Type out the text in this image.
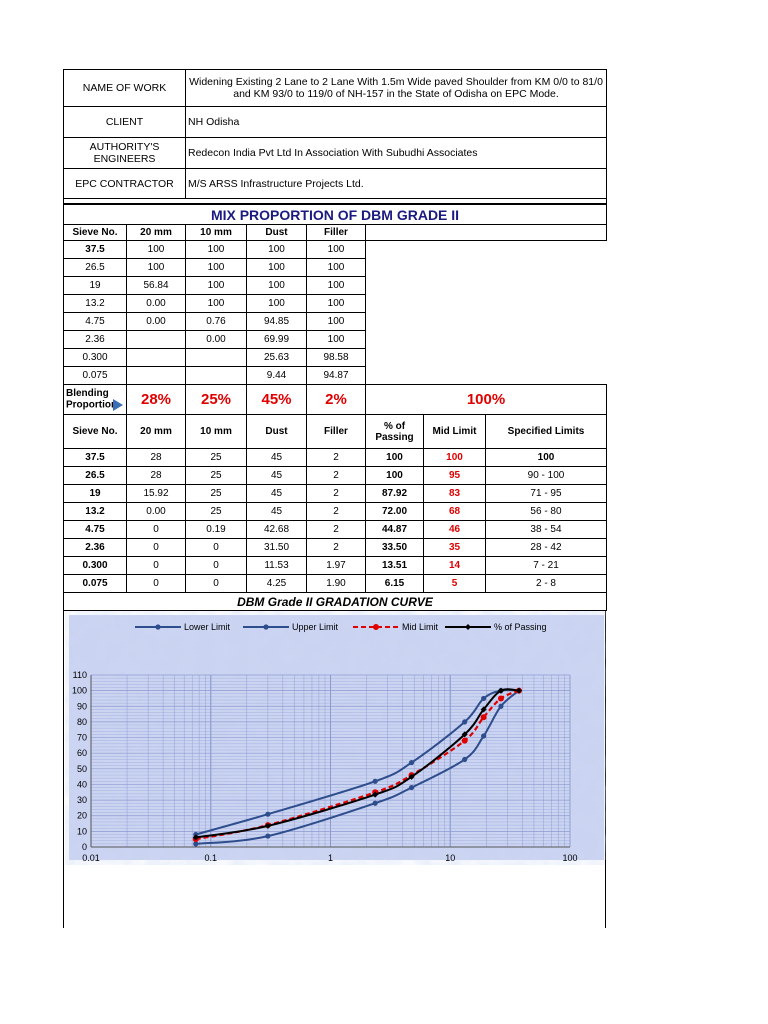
NAME OF WORK	Widening Existing 2 Lane to 2 Lane With 1.5m Wide paved Shoulder from KM 0/0 to 81/0 and KM 93/0 to 119/0 of NH-157 in the State of Odisha on EPC Mode.
CLIENT	NH Odisha
AUTHORITY'S ENGINEERS	Redecon India Pvt Ltd In Association With Subudhi Associates
EPC CONTRACTOR	M/S ARSS Infrastructure Projects Ltd.

MIX PROPORTION OF DBM GRADE II							
Sieve No.	20 mm	10 mm	Dust	Filler			
37.5	100	100	100	100			
26.5	100	100	100	100			
19	56.84	100	100	100			
13.2	0.00	100	100	100			
4.75	0.00	0.76	94.85	100			
2.36		0.00	69.99	100			
0.300			25.63	98.58			
0.075			9.44	94.87			
Blending Proportion	28%	25%	45%	2%	100%		
Sieve No.	20 mm	10 mm	Dust	Filler	% of Passing	Mid Limit	Specified Limits
37.5	28	25	45	2	100	100	100
26.5	28	25	45	2	100	95	90 - 100
19	15.92	25	45	2	87.92	83	71 - 95
13.2	0.00	25	45	2	72.00	68	56 - 80
4.75	0	0.19	42.68	2	44.87	46	38 - 54
2.36	0	0	31.50	2	33.50	35	28 - 42
0.300	0	0	11.53	1.97	13.51	14	7 - 21
0.075	0	0	4.25	1.90	6.15	5	2 - 8
DBM Grade II GRADATION CURVE							
0
10
20
30
40
50
60
70
80
90
100
110
0.01	0.1	1	10	100
Lower Limit	Upper Limit	Mid Limit	% of Passing
